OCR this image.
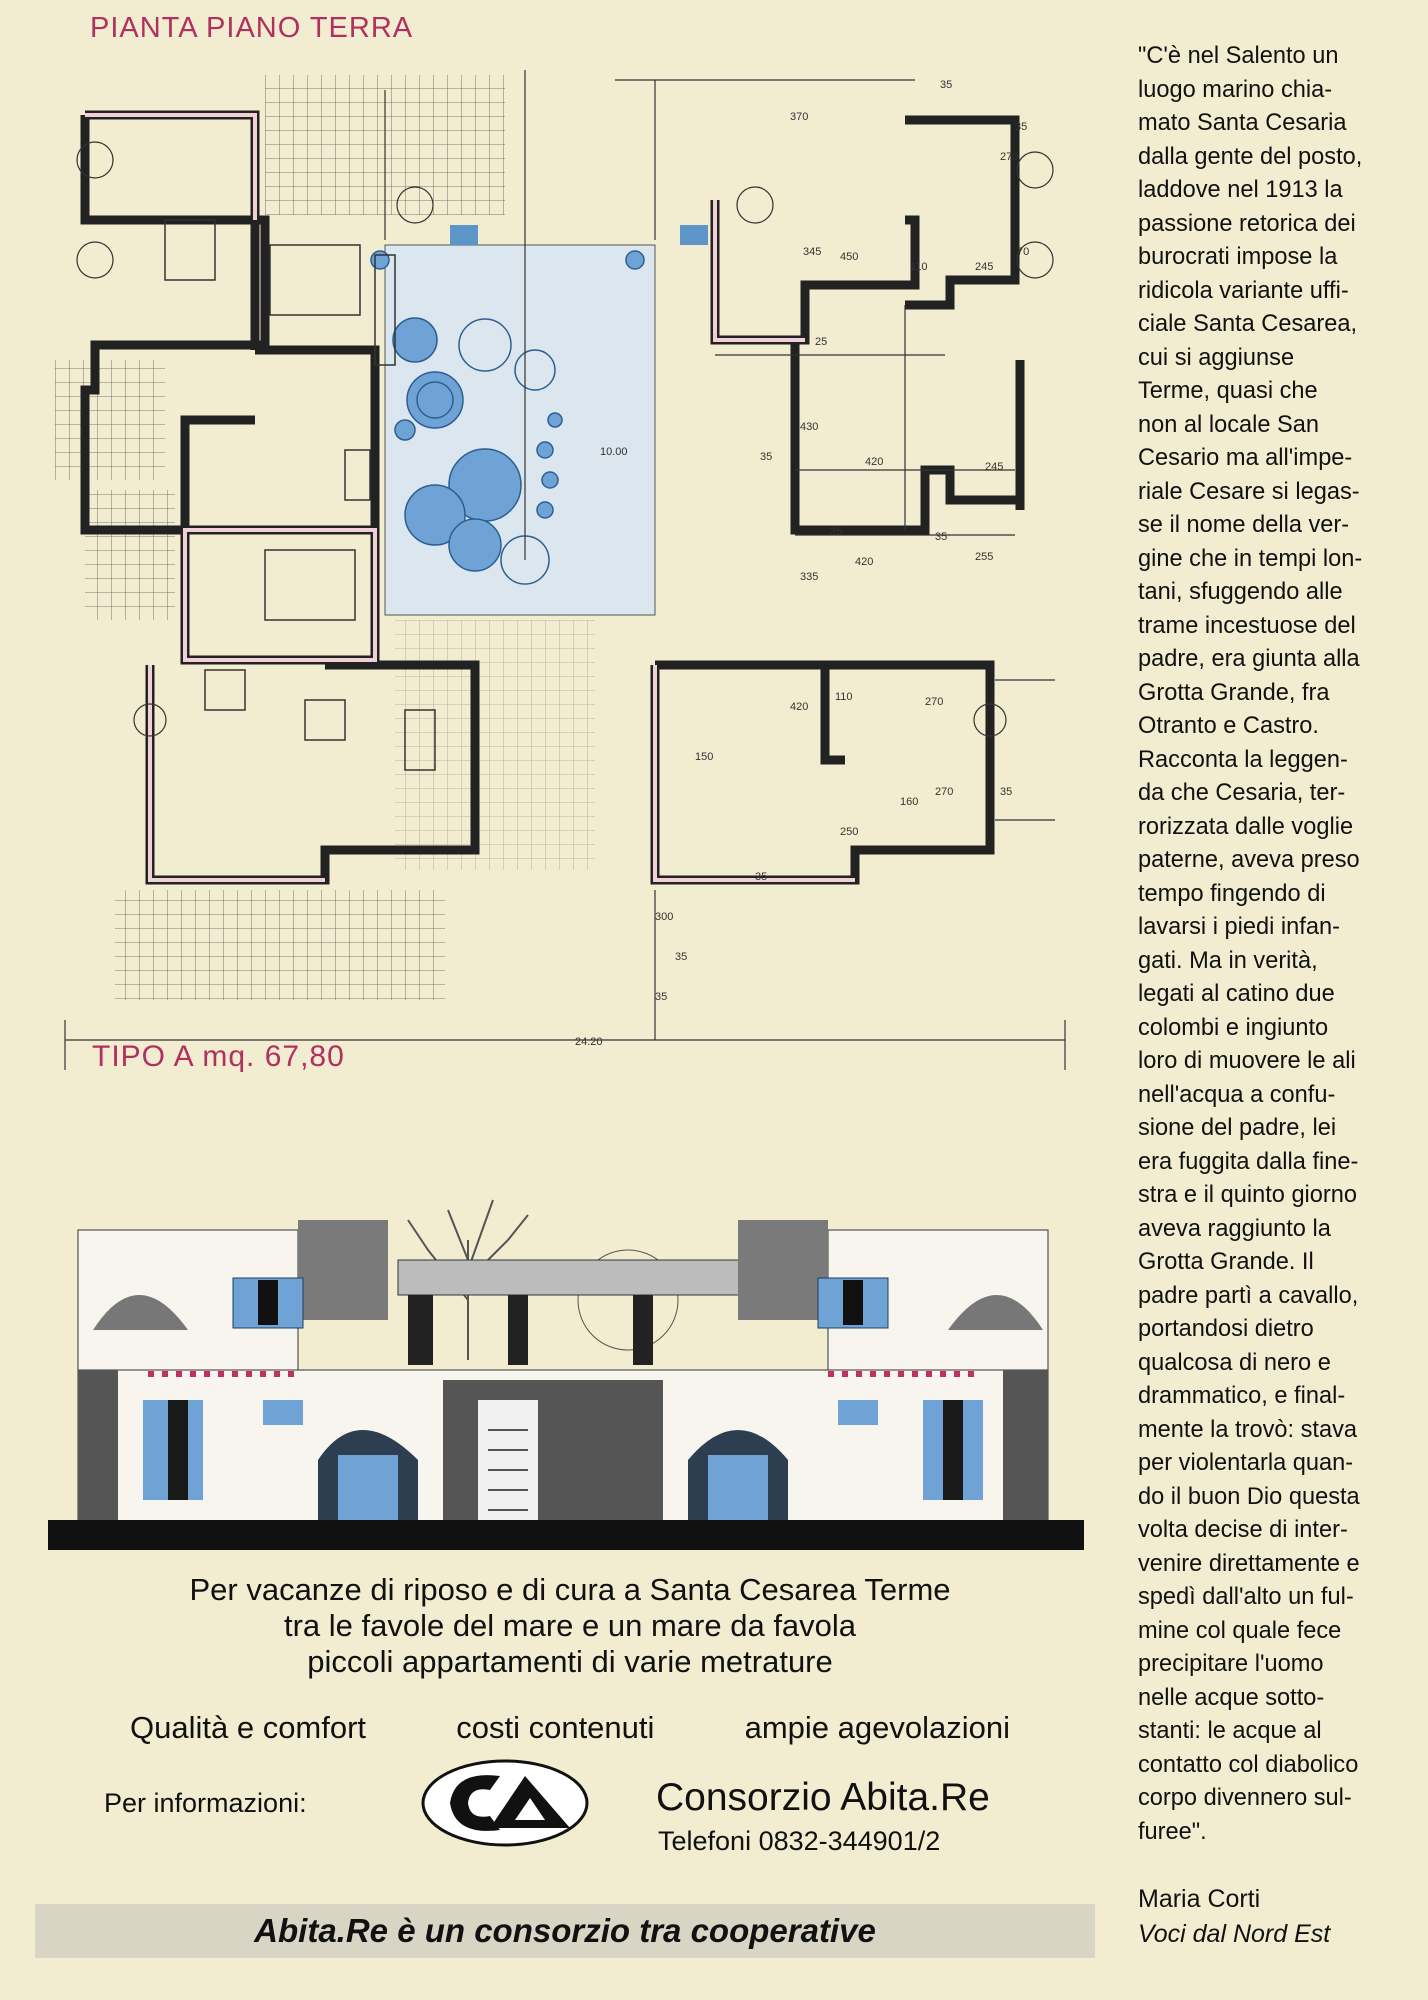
PIANTA PIANO TERRA
35
370
270
35
450
345
110	245
70
25
420
430
10.00
245
35
25
420
335
35
255
420
110	270
150
270
250
160
35
300
35
35
35
24.20
TIPO A mq. 67,80
Per vacanze di riposo e di cura a Santa Cesarea Terme
tra le favole del mare e un mare da favola
piccoli appartamenti di varie metrature
Qualità e comfort	costi contenuti	ampie agevolazioni
Per informazioni:	Consorzio Abita.Re
Telefoni 0832-344901/2
Abita.Re è un consorzio tra cooperative

"C'è nel Salento un

luogo marino chia-

mato Santa Cesaria

dalla gente del posto,

laddove nel 1913 la

passione retorica dei

burocrati impose la

ridicola variante uffi-

ciale Santa Cesarea,

cui si aggiunse

Terme, quasi che

non al locale San

Cesario ma all'impe-

riale Cesare si legas-

se il nome della ver-

gine che in tempi lon-

tani, sfuggendo alle

trame incestuose del

padre, era giunta alla

Grotta Grande, fra

Otranto e Castro.

Racconta la leggen-

da che Cesaria, ter-

rorizzata dalle voglie

paterne, aveva preso

tempo fingendo di

lavarsi i piedi infan-

gati. Ma in verità,

legati al catino due

colombi e ingiunto

loro di muovere le ali

nell'acqua a confu-

sione del padre, lei

era fuggita dalla fine-

stra e il quinto giorno

aveva raggiunto la

Grotta Grande. Il

padre partì a cavallo,

portandosi dietro

qualcosa di nero e

drammatico, e final-

mente la trovò: stava

per violentarla quan-

do il buon Dio questa

volta decise di inter-

venire direttamente e

spedì dall'alto un ful-

mine col quale fece

precipitare l'uomo

nelle acque sotto-

stanti: le acque al

contatto col diabolico

corpo divennero sul-

furee".

Maria Corti
Voci dal Nord Est
